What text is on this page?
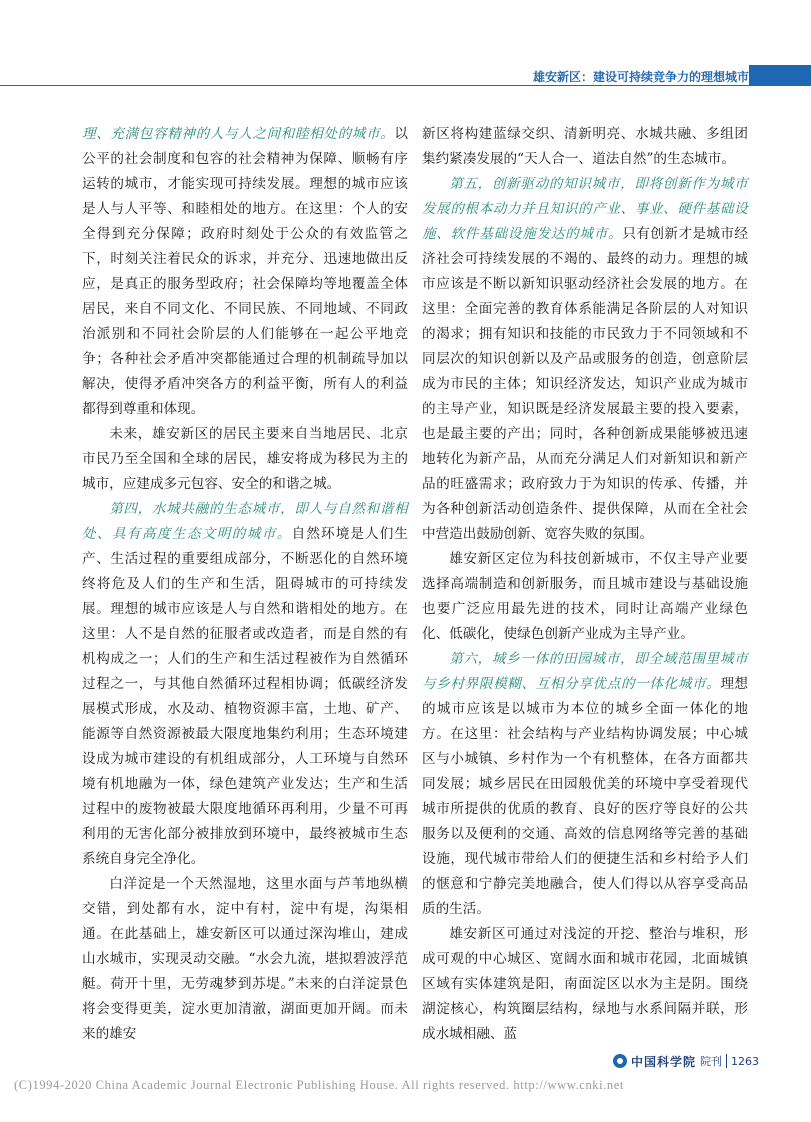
雄安新区：建设可持续竞争力的理想城市

理、充满包容精神的人与人之间和睦相处的城市。以公平的社会制度和包容的社会精神为保障、顺畅有序运转的城市，才能实现可持续发展。理想的城市应该是人与人平等、和睦相处的地方。在这里：个人的安全得到充分保障；政府时刻处于公众的有效监管之下，时刻关注着民众的诉求，并充分、迅速地做出反应，是真正的服务型政府；社会保障均等地覆盖全体居民，来自不同文化、不同民族、不同地域、不同政治派别和不同社会阶层的人们能够在一起公平地竞争；各种社会矛盾冲突都能通过合理的机制疏导加以解决，使得矛盾冲突各方的利益平衡，所有人的利益都得到尊重和体现。

未来，雄安新区的居民主要来自当地居民、北京市民乃至全国和全球的居民，雄安将成为移民为主的城市，应建成多元包容、安全的和谐之城。

第四，水城共融的生态城市，即人与自然和谐相处、具有高度生态文明的城市。自然环境是人们生产、生活过程的重要组成部分，不断恶化的自然环境终将危及人们的生产和生活，阻碍城市的可持续发展。理想的城市应该是人与自然和谐相处的地方。在这里：人不是自然的征服者或改造者，而是自然的有机构成之一；人们的生产和生活过程被作为自然循环过程之一，与其他自然循环过程相协调；低碳经济发展模式形成，水及动、植物资源丰富，土地、矿产、能源等自然资源被最大限度地集约利用；生态环境建设成为城市建设的有机组成部分，人工环境与自然环境有机地融为一体，绿色建筑产业发达；生产和生活过程中的废物被最大限度地循环再利用，少量不可再利用的无害化部分被排放到环境中，最终被城市生态系统自身完全净化。

白洋淀是一个天然湿地，这里水面与芦苇地纵横交错，到处都有水，淀中有村，淀中有堤，沟渠相通。在此基础上，雄安新区可以通过深沟堆山，建成山水城市，实现灵动交融。“水会九流，堪拟碧波浮范艇。荷开十里，无劳魂梦到苏堤。”未来的白洋淀景色将会变得更美，淀水更加清澈，湖面更加开阔。而未来的雄安

新区将构建蓝绿交织、清新明亮、水城共融、多组团集约紧凑发展的“天人合一、道法自然”的生态城市。

第五，创新驱动的知识城市，即将创新作为城市发展的根本动力并且知识的产业、事业、硬件基础设施、软件基础设施发达的城市。只有创新才是城市经济社会可持续发展的不竭的、最终的动力。理想的城市应该是不断以新知识驱动经济社会发展的地方。在这里：全面完善的教育体系能满足各阶层的人对知识的渴求；拥有知识和技能的市民致力于不同领域和不同层次的知识创新以及产品或服务的创造，创意阶层成为市民的主体；知识经济发达，知识产业成为城市的主导产业，知识既是经济发展最主要的投入要素，也是最主要的产出；同时，各种创新成果能够被迅速地转化为新产品，从而充分满足人们对新知识和新产品的旺盛需求；政府致力于为知识的传承、传播，并为各种创新活动创造条件、提供保障，从而在全社会中营造出鼓励创新、宽容失败的氛围。

雄安新区定位为科技创新城市，不仅主导产业要选择高端制造和创新服务，而且城市建设与基础设施也要广泛应用最先进的技术，同时让高端产业绿色化、低碳化，使绿色创新产业成为主导产业。

第六，城乡一体的田园城市，即全域范围里城市与乡村界限模糊、互相分享优点的一体化城市。理想的城市应该是以城市为本位的城乡全面一体化的地方。在这里：社会结构与产业结构协调发展；中心城区与小城镇、乡村作为一个有机整体，在各方面都共同发展；城乡居民在田园般优美的环境中享受着现代城市所提供的优质的教育、良好的医疗等良好的公共服务以及便利的交通、高效的信息网络等完善的基础设施，现代城市带给人们的便捷生活和乡村给予人们的惬意和宁静完美地融合，使人们得以从容享受高品质的生活。

雄安新区可通过对浅淀的开挖、整治与堆积，形成可观的中心城区、宽阔水面和城市花园，北面城镇区域有实体建筑是阳，南面淀区以水为主是阴。围绕湖淀核心，构筑圈层结构，绿地与水系间隔并联，形成水城相融、蓝

中国科学院 院刊 1263
(C)1994-2020 China Academic Journal Electronic Publishing House. All rights reserved. http://www.cnki.net
